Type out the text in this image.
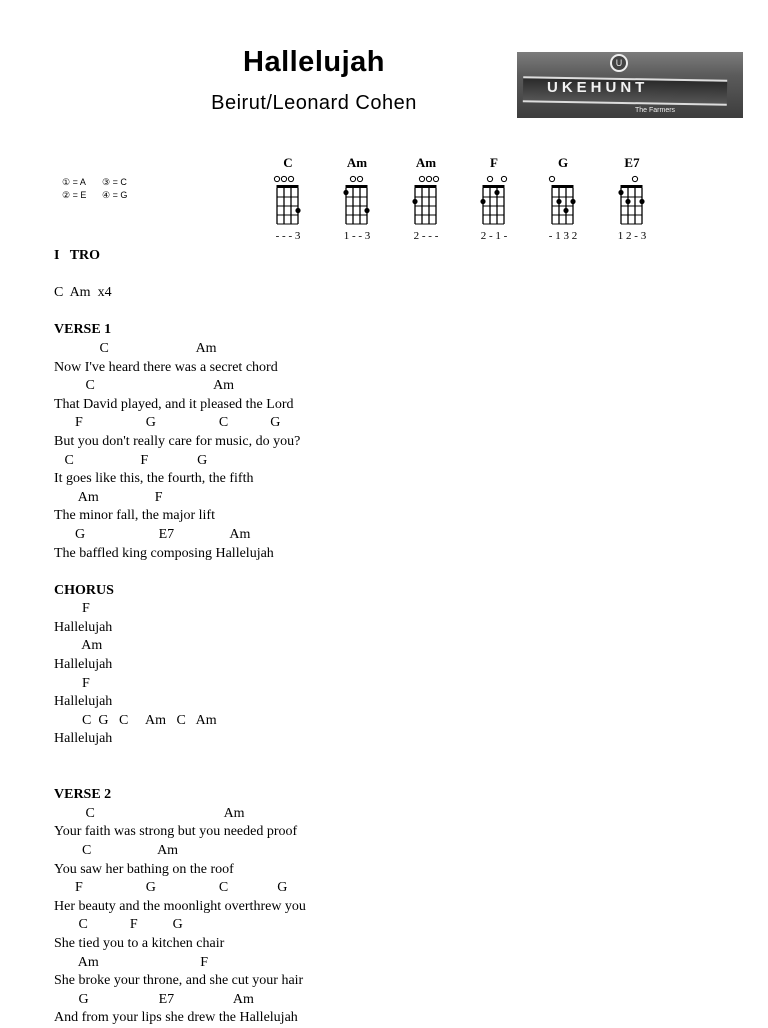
Hallelujah
Beirut/Leonard Cohen
U
UKEHUNT
The Farmers
① = A ③ = C
② = E ④ = G
C
- - - 3
Am
1 - - 3
Am
2 - - -
F
2 - 1 -
G
- 1 3 2
E7
1 2 - 3
I   TRO
C  Am  x4
VERSE 1
C                         Am
Now I've heard there was a secret chord
C                                  Am
That David played, and it pleased the Lord
F                  G                  C            G
But you don't really care for music, do you?
C                   F              G
It goes like this, the fourth, the fifth
Am                F
The minor fall, the major lift
G                     E7                Am
The baffled king composing Hallelujah
CHORUS
F
Hallelujah
Am
Hallelujah
F
Hallelujah
C  G   C     Am   C   Am
Hallelujah
VERSE 2
C                                     Am
Your faith was strong but you needed proof
C                   Am
You saw her bathing on the roof
F                  G                  C              G
Her beauty and the moonlight overthrew you
C            F          G
She tied you to a kitchen chair
Am                             F
She broke your throne, and she cut your hair
G                    E7                 Am
And from your lips she drew the Hallelujah
